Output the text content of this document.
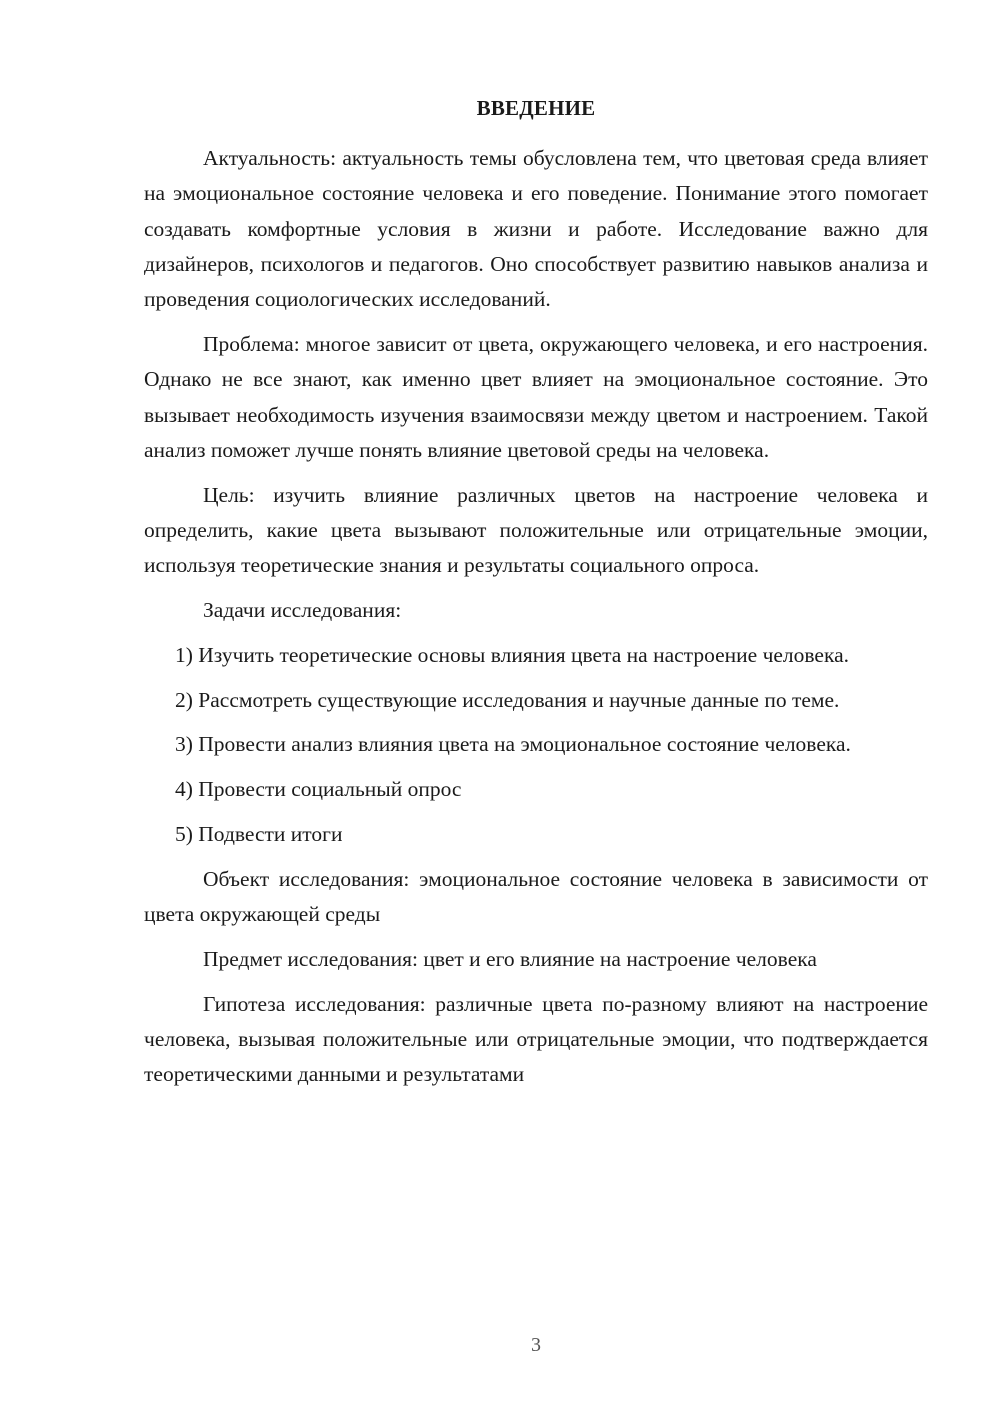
ВВЕДЕНИЕ

Актуальность: актуальность темы обусловлена тем, что цветовая среда влияет на эмоциональное состояние человека и его поведение. Понимание этого помогает создавать комфортные условия в жизни и работе. Исследование важно для дизайнеров, психологов и педагогов. Оно способствует развитию навыков анализа и проведения социологических исследований.

Проблема: многое зависит от цвета, окружающего человека, и его настроения. Однако не все знают, как именно цвет влияет на эмоциональное состояние. Это вызывает необходимость изучения взаимосвязи между цветом и настроением. Такой анализ поможет лучше понять влияние цветовой среды на человека.

Цель: изучить влияние различных цветов на настроение человека и определить, какие цвета вызывают положительные или отрицательные эмоции, используя теоретические знания и результаты социального опроса.

Задачи исследования:

1) Изучить теоретические основы влияния цвета на настроение человека.

2) Рассмотреть существующие исследования и научные данные по теме.

3) Провести анализ влияния цвета на эмоциональное состояние человека.

4) Провести социальный опрос

5) Подвести итоги

Объект исследования: эмоциональное состояние человека в зависимости от цвета окружающей среды

Предмет исследования: цвет и его влияние на настроение человека

Гипотеза исследования: различные цвета по-разному влияют на настроение человека, вызывая положительные или отрицательные эмоции, что подтверждается теоретическими данными и результатами

3
